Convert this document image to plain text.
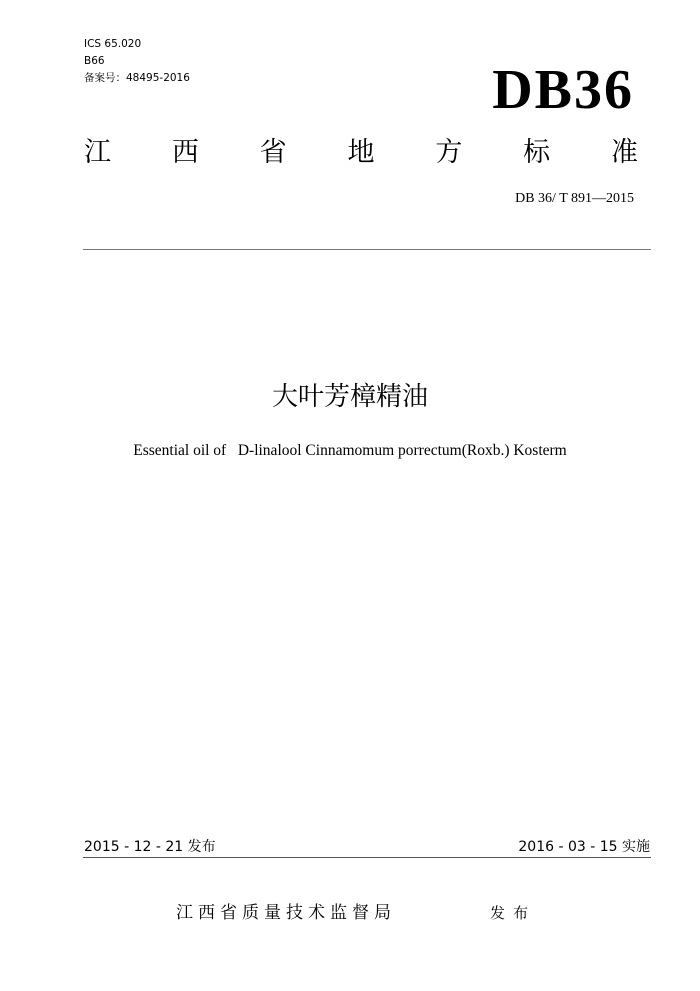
ICS 65.020
B66
备案号：48495-2016	DB36
江 西 省 地 方 标 准
DB 36/ T 891—2015
大叶芳樟精油
Essential oil of   D-linalool Cinnamomum porrectum(Roxb.) Kosterm
2015 - 12 - 21 发布	2016 - 03 - 15 实施
江西省质量技术监督局	发布
